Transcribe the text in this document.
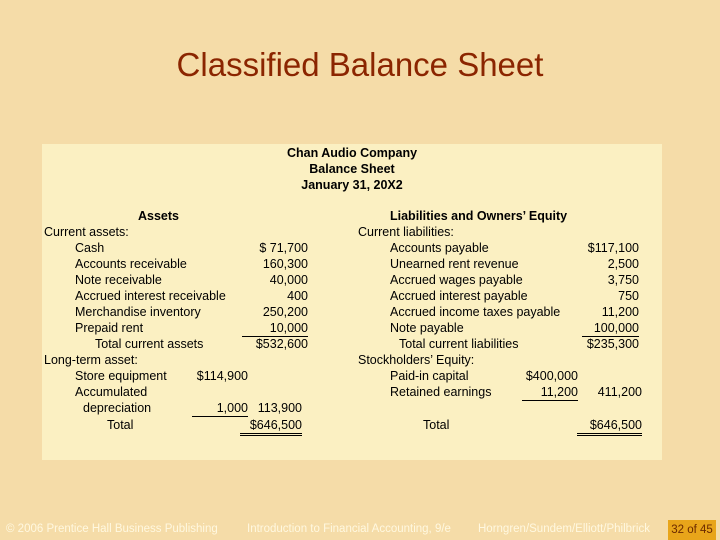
Classified Balance Sheet
Chan Audio Company
Balance Sheet
January 31, 20X2
Assets	Liabilities and Owners’ Equity
Current assets:
Cash	$ 71,700
Accounts receivable	160,300
Note receivable	40,000
Accrued interest receivable	400
Merchandise inventory	250,200
Prepaid rent	10,000
Total current assets	$532,600
Long-term asset:
Store equipment	$114,900
Accumulated
depreciation	1,000 113,900
Total	$646,500
Current liabilities:
Accounts payable	$117,100
Unearned rent revenue	2,500
Accrued wages payable	3,750
Accrued interest payable	750
Accrued income taxes payable	11,200
Note payable	100,000
Total current liabilities	$235,300
Stockholders’ Equity:
Paid-in capital	$400,000
Retained earnings	11,200	411,200
Total	$646,500
© 2006 Prentice Hall Business Publishing	Introduction to Financial Accounting, 9/e Horngren/Sundem/Elliott/Philbrick 32 of 45
